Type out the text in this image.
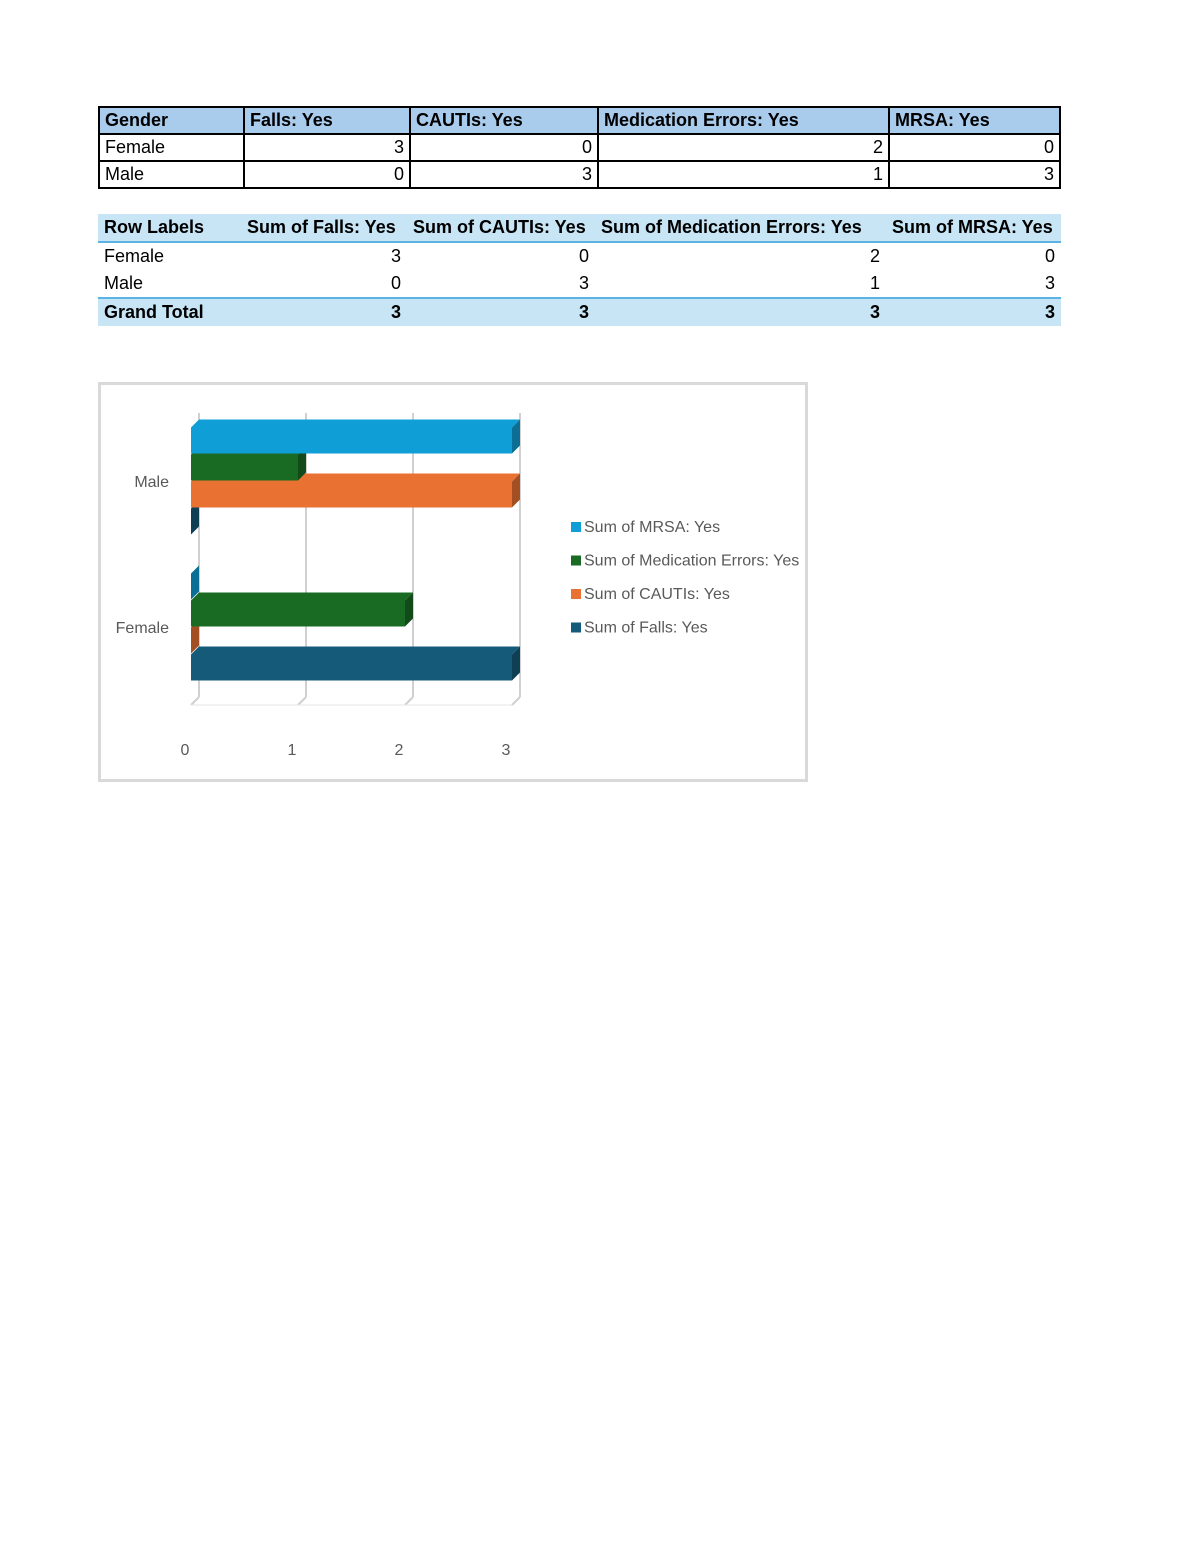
Gender	Falls: Yes	CAUTIs: Yes	Medication Errors: Yes	MRSA: Yes
Female	3	0	2	0
Male	0	3	1	3
Row Labels	Sum of Falls: Yes	Sum of CAUTIs: Yes	Sum of Medication Errors: Yes	Sum of MRSA: Yes
Female	3	0	2	0
Male	0	3	1	3
Grand Total	3	3	3	3
0	1	2	3
Female
Male
Sum of MRSA: Yes
Sum of Medication Errors: Yes
Sum of CAUTIs: Yes
Sum of Falls: Yes
